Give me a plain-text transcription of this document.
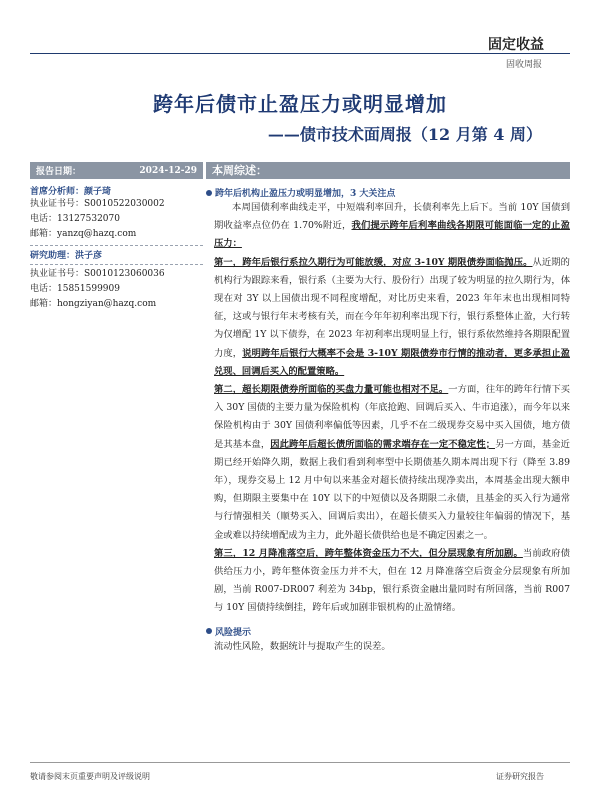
固定收益
固收周报
跨年后债市止盈压力或明显增加
——债市技术面周报（12 月第 4 周）
报告日期：	2024-12-29
首席分析师：颜子琦
执业证书号：S0010522030002
电话：13127532070
邮箱：yanzq@hazq.com
研究助理：洪子彦
执业证书号：S0010123060036
电话：15851599909
邮箱：hongziyan@hazq.com
本周综述：
跨年后机构止盈压力或明显增加，3 大关注点
本周国债利率曲线走平，中短端利率回升，长债利率先上后下。当前 10Y 国债到期收益率点位仍在 1.70%附近，我们提示跨年后利率曲线各期限可能面临一定的止盈压力：
第一，跨年后银行系拉久期行为可能放缓，对应 3-10Y 期限债券面临抛压。从近期的机构行为跟踪来看，银行系（主要为大行、股份行）出现了较为明显的拉久期行为，体现在对 3Y 以上国债出现不同程度增配，对比历史来看，2023 年年末也出现相同特征，这或与银行年末考核有关，而在今年年初利率出现下行，银行系整体止盈，大行转为仅增配 1Y 以下债券，在 2023 年初利率出现明显上行，银行系依然维持各期限配置力度，说明跨年后银行大概率不会是 3-10Y 期限债券市行情的推动者，更多承担止盈兑现、回调后买入的配置策略。
第二，超长期限债券所面临的买盘力量可能也相对不足。一方面，往年的跨年行情下买入 30Y 国债的主要力量为保险机构（年底抢跑、回调后买入、牛市追涨），而今年以来保险机构由于 30Y 国债利率偏低等因素，几乎不在二级现券交易中买入国债，地方债是其基本盘，因此跨年后超长债所面临的需求端存在一定不稳定性；另一方面，基金近期已经开始降久期，数据上我们看到利率型中长期债基久期本周出现下行（降至 3.89 年），现券交易上 12 月中旬以来基金对超长债持续出现净卖出，本周基金出现大额申购，但期限主要集中在 10Y 以下的中短债以及各期限二永债，且基金的买入行为通常与行情强相关（顺势买入、回调后卖出），在超长债买入力量较往年偏弱的情况下，基金或难以持续增配成为主力，此外超长债供给也是不确定因素之一。
第三，12 月降准落空后，跨年整体资金压力不大，但分层现象有所加剧。当前政府债供给压力小，跨年整体资金压力并不大，但在 12 月降准落空后资金分层现象有所加剧，当前 R007-DR007 利差为 34bp，银行系资金融出量同时有所回落，当前 R007 与 10Y 国债持续倒挂，跨年后或加剧非银机构的止盈情绪。
风险提示
流动性风险，数据统计与提取产生的误差。
敬请参阅末页重要声明及评级说明	证券研究报告
